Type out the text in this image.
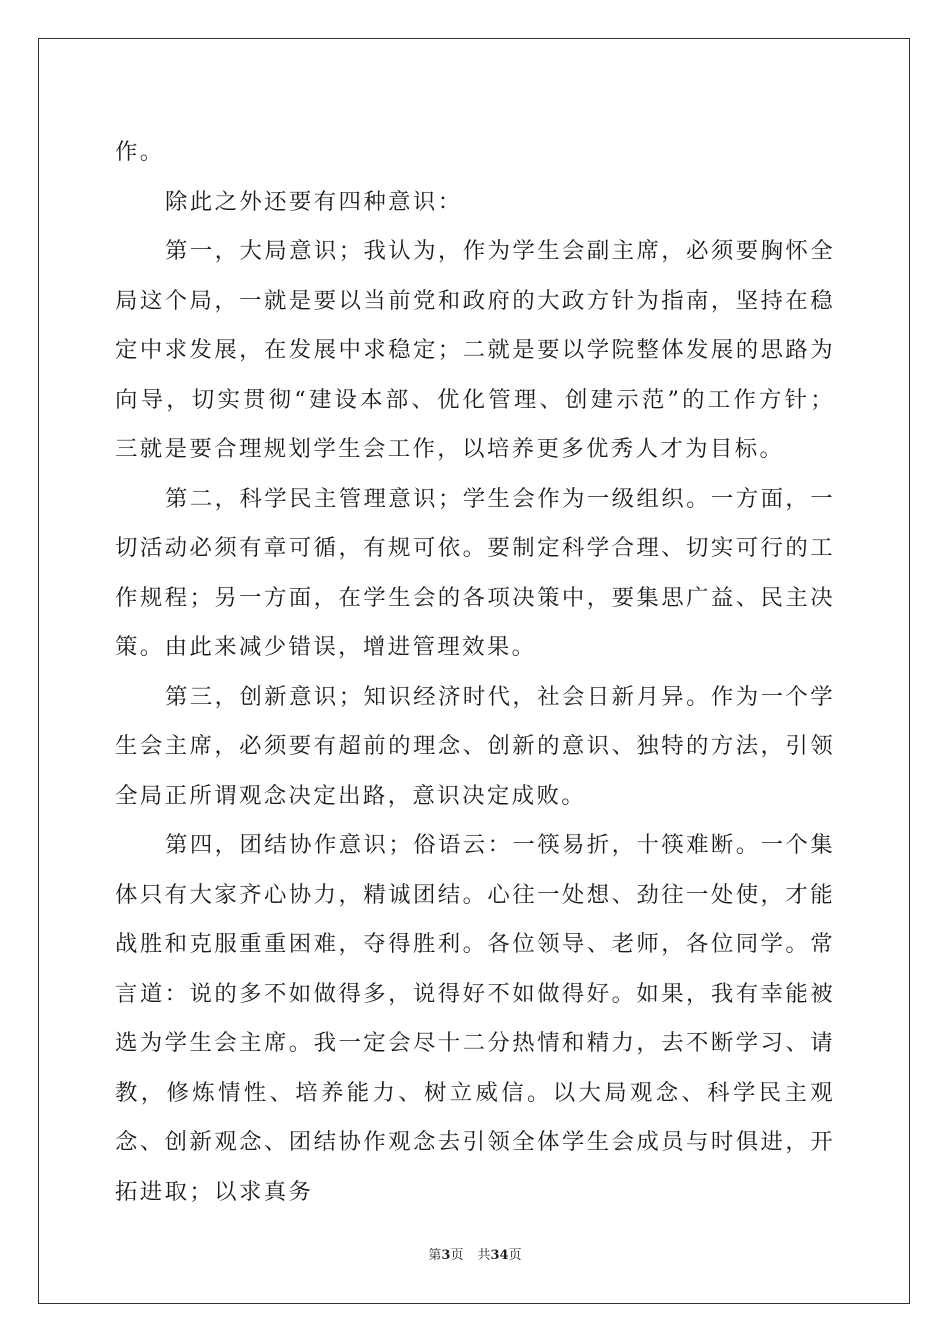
作。

除此之外还要有四种意识：

第一，大局意识；我认为，作为学生会副主席，必须要胸怀全局这个局，一就是要以当前党和政府的大政方针为指南，坚持在稳定中求发展，在发展中求稳定；二就是要以学院整体发展的思路为向导，切实贯彻“建设本部、优化管理、创建示范”的工作方针；三就是要合理规划学生会工作，以培养更多优秀人才为目标。

第二，科学民主管理意识；学生会作为一级组织。一方面，一切活动必须有章可循，有规可依。要制定科学合理、切实可行的工作规程；另一方面，在学生会的各项决策中，要集思广益、民主决策。由此来减少错误，增进管理效果。

第三，创新意识；知识经济时代，社会日新月异。作为一个学生会主席，必须要有超前的理念、创新的意识、独特的方法，引领全局正所谓观念决定出路，意识决定成败。

第四，团结协作意识；俗语云：一筷易折，十筷难断。一个集体只有大家齐心协力，精诚团结。心往一处想、劲往一处使，才能战胜和克服重重困难，夺得胜利。各位领导、老师，各位同学。常言道：说的多不如做得多，说得好不如做得好。如果，我有幸能被选为学生会主席。我一定会尽十二分热情和精力，去不断学习、请教，修炼情性、培养能力、树立威信。以大局观念、科学民主观念、创新观念、团结协作观念去引领全体学生会成员与时俱进，开拓进取；以求真务

第3页 共34页
